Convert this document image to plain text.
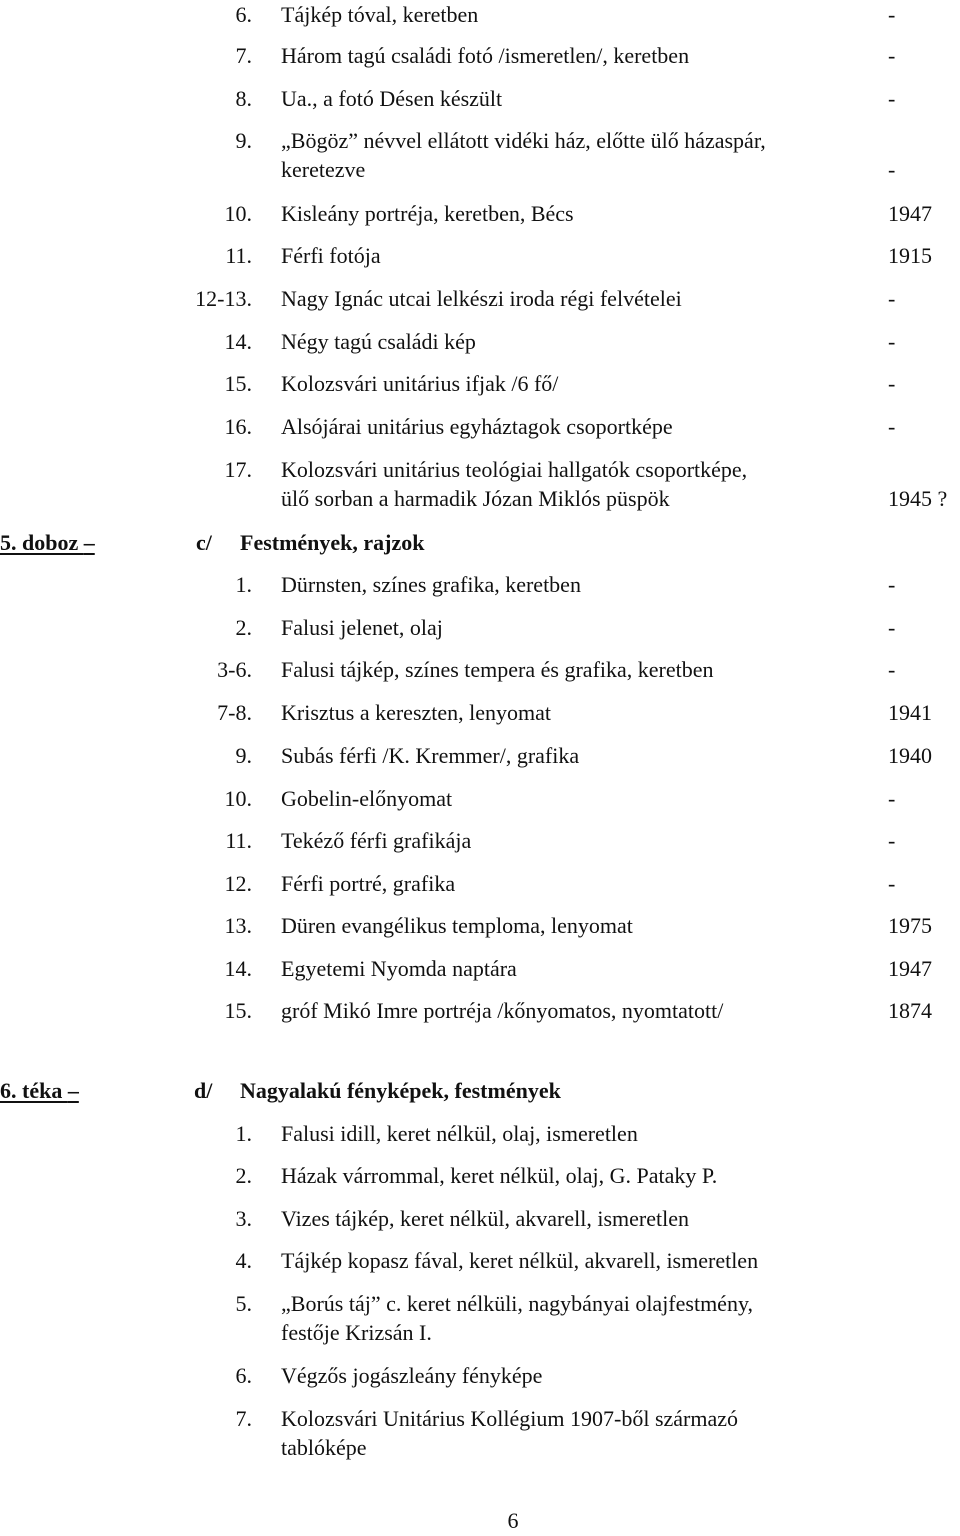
6. Tájkép tóval, keretben	-
7. Három tagú családi fotó /ismeretlen/, keretben	-
8. Ua., a fotó Désen készült	-
9. „Bögöz” névvel ellátott vidéki ház, előtte ülő házaspár,
keretezve	-
10. Kisleány portréja, keretben, Bécs	1947
11. Férfi fotója	1915
12-13. Nagy Ignác utcai lelkészi iroda régi felvételei	-
14. Négy tagú családi kép	-
15. Kolozsvári unitárius ifjak /6 fő/	-
16. Alsójárai unitárius egyháztagok csoportképe	-
17. Kolozsvári unitárius teológiai hallgatók csoportképe,
ülő sorban a harmadik Józan Miklós püspök	1945 ?
5. doboz –	c/ Festmények, rajzok
1. Dürnsten, színes grafika, keretben	-
2. Falusi jelenet, olaj	-
3-6. Falusi tájkép, színes tempera és grafika, keretben	-
7-8. Krisztus a kereszten, lenyomat	1941
9. Subás férfi /K. Kremmer/, grafika	1940
10. Gobelin-előnyomat	-
11. Tekéző férfi grafikája	-
12. Férfi portré, grafika	-
13. Düren evangélikus temploma, lenyomat	1975
14. Egyetemi Nyomda naptára	1947
15. gróf Mikó Imre portréja /kőnyomatos, nyomtatott/	1874
6. téka –	d/ Nagyalakú fényképek, festmények
1. Falusi idill, keret nélkül, olaj, ismeretlen
2. Házak várrommal, keret nélkül, olaj, G. Pataky P.
3. Vizes tájkép, keret nélkül, akvarell, ismeretlen
4. Tájkép kopasz fával, keret nélkül, akvarell, ismeretlen
5. „Borús táj” c. keret nélküli, nagybányai olajfestmény,
festője Krizsán I.
6. Végzős jogászleány fényképe
7. Kolozsvári Unitárius Kollégium 1907-ből származó
tablóképe
6
